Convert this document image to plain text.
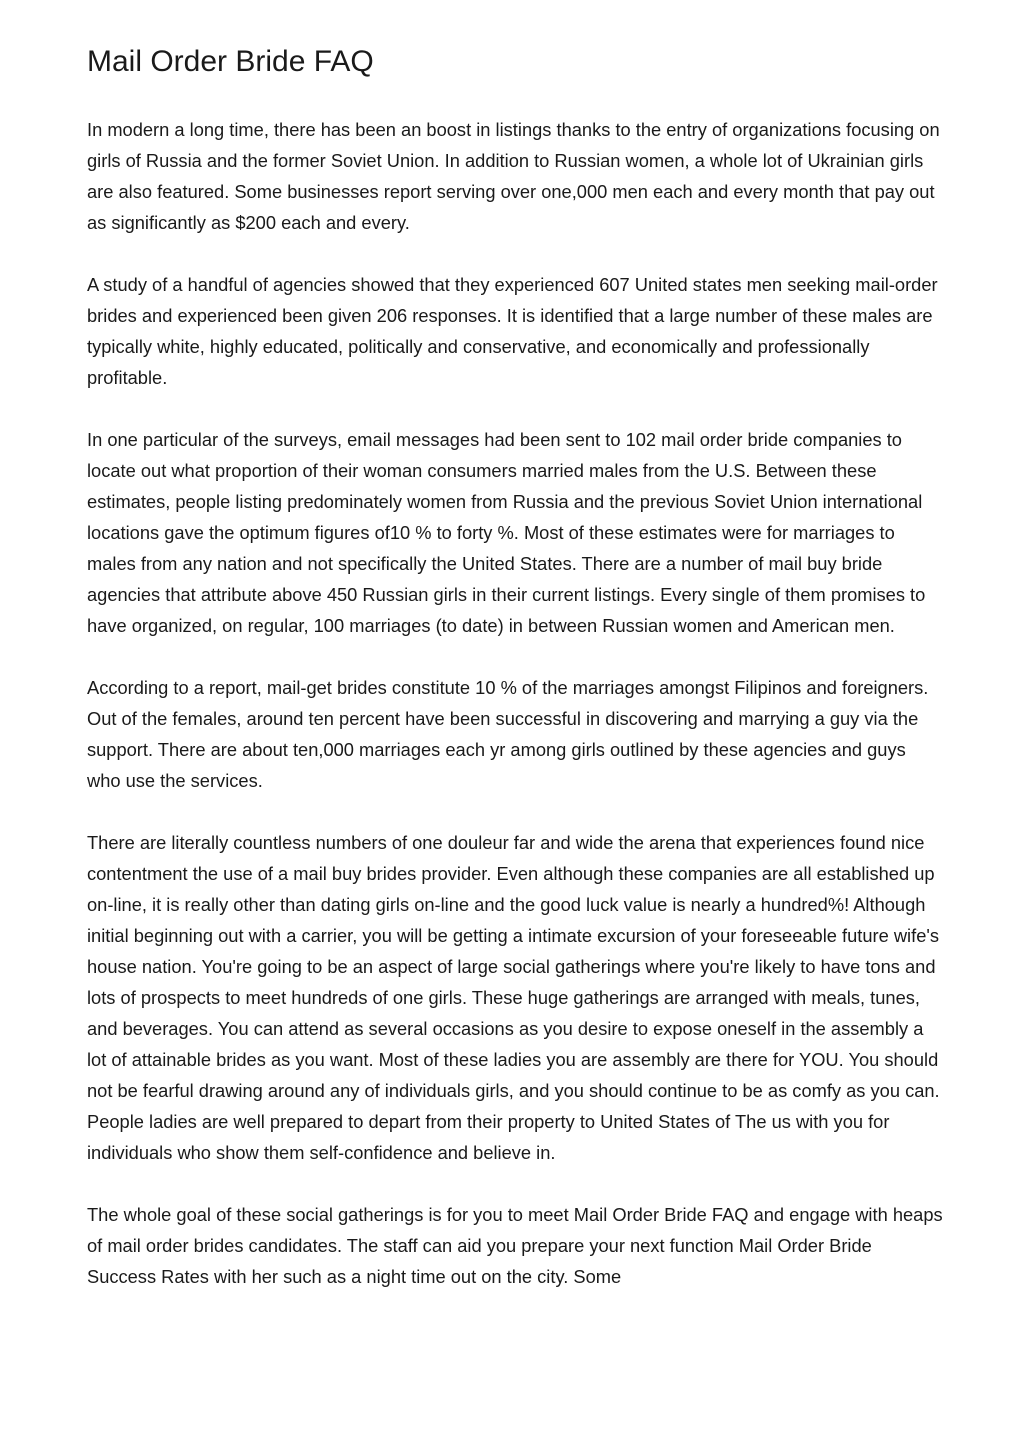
Mail Order Bride FAQ

In modern a long time, there has been an boost in listings thanks to the entry of organizations focusing on girls of Russia and the former Soviet Union. In addition to Russian women, a whole lot of Ukrainian girls are also featured. Some businesses report serving over one,000 men each and every month that pay out as significantly as $200 each and every.

A study of a handful of agencies showed that they experienced 607 United states men seeking mail-order brides and experienced been given 206 responses. It is identified that a large number of these males are typically white, highly educated, politically and conservative, and economically and professionally profitable.

In one particular of the surveys, email messages had been sent to 102 mail order bride companies to locate out what proportion of their woman consumers married males from the U.S. Between these estimates, people listing predominately women from Russia and the previous Soviet Union international locations gave the optimum figures of10 % to forty %. Most of these estimates were for marriages to males from any nation and not specifically the United States. There are a number of mail buy bride agencies that attribute above 450 Russian girls in their current listings. Every single of them promises to have organized, on regular, 100 marriages (to date) in between Russian women and American men.

According to a report, mail-get brides constitute 10 % of the marriages amongst Filipinos and foreigners. Out of the females, around ten percent have been successful in discovering and marrying a guy via the support. There are about ten,000 marriages each yr among girls outlined by these agencies and guys who use the services.

There are literally countless numbers of one douleur far and wide the arena that experiences found nice contentment the use of a mail buy brides provider. Even although these companies are all established up on-line, it is really other than dating girls on-line and the good luck value is nearly a hundred%! Although initial beginning out with a carrier, you will be getting a intimate excursion of your foreseeable future wife's house nation. You're going to be an aspect of large social gatherings where you're likely to have tons and lots of prospects to meet hundreds of one girls. These huge gatherings are arranged with meals, tunes, and beverages. You can attend as several occasions as you desire to expose oneself in the assembly a lot of attainable brides as you want. Most of these ladies you are assembly are there for YOU. You should not be fearful drawing around any of individuals girls, and you should continue to be as comfy as you can. People ladies are well prepared to depart from their property to United States of The us with you for individuals who show them self-confidence and believe in.

The whole goal of these social gatherings is for you to meet Mail Order Bride FAQ and engage with heaps of mail order brides candidates. The staff can aid you prepare your next function Mail Order Bride Success Rates with her such as a night time out on the city. Some
